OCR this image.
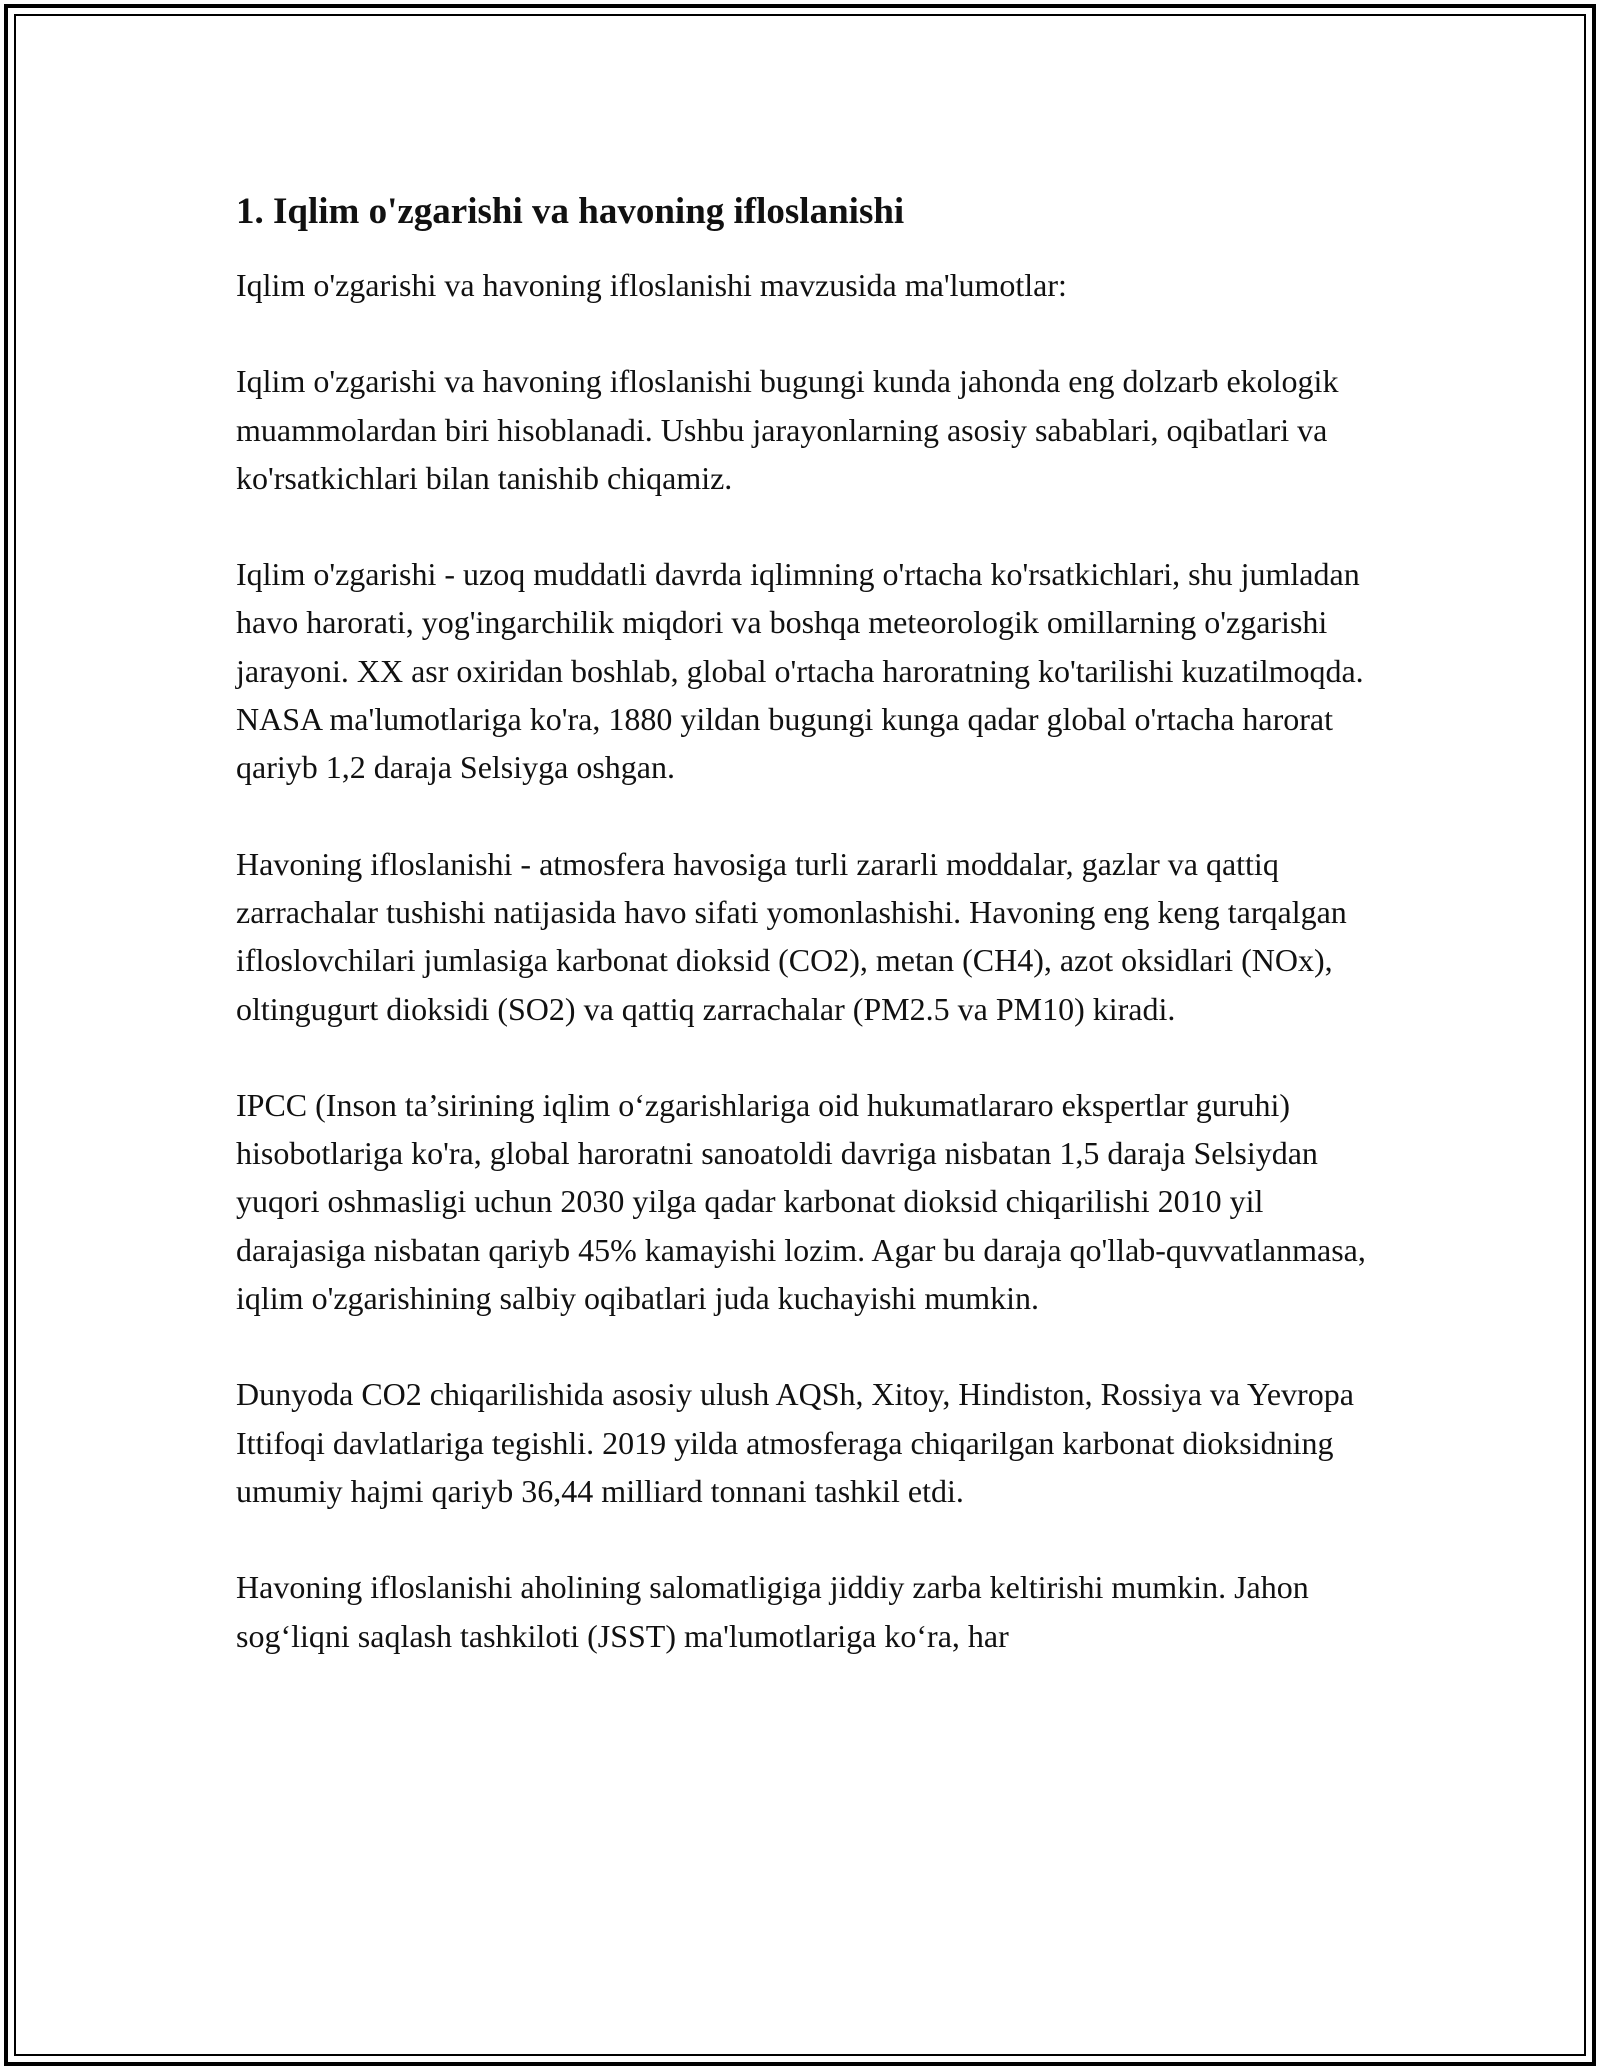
1. Iqlim o'zgarishi va havoning ifloslanishi

Iqlim o'zgarishi va havoning ifloslanishi mavzusida ma'lumotlar:

Iqlim o'zgarishi va havoning ifloslanishi bugungi kunda jahonda eng dolzarb ekologik muammolardan biri hisoblanadi. Ushbu jarayonlarning asosiy sabablari, oqibatlari va ko'rsatkichlari bilan tanishib chiqamiz.

Iqlim o'zgarishi - uzoq muddatli davrda iqlimning o'rtacha ko'rsatkichlari, shu jumladan havo harorati, yog'ingarchilik miqdori va boshqa meteorologik omillarning o'zgarishi jarayoni. XX asr oxiridan boshlab, global o'rtacha haroratning ko'tarilishi kuzatilmoqda. NASA ma'lumotlariga ko'ra, 1880 yildan bugungi kunga qadar global o'rtacha harorat qariyb 1,2 daraja Selsiyga oshgan.

Havoning ifloslanishi - atmosfera havosiga turli zararli moddalar, gazlar va qattiq zarrachalar tushishi natijasida havo sifati yomonlashishi. Havoning eng keng tarqalgan ifloslovchilari jumlasiga karbonat dioksid (CO2), metan (CH4), azot oksidlari (NOx), oltingugurt dioksidi (SO2) va qattiq zarrachalar (PM2.5 va PM10) kiradi.

IPCC (Inson ta’sirining iqlim o‘zgarishlariga oid hukumatlararo ekspertlar guruhi) hisobotlariga ko'ra, global haroratni sanoatoldi davriga nisbatan 1,5 daraja Selsiydan yuqori oshmasligi uchun 2030 yilga qadar karbonat dioksid chiqarilishi 2010 yil darajasiga nisbatan qariyb 45% kamayishi lozim. Agar bu daraja qo'llab-quvvatlanmasa, iqlim o'zgarishining salbiy oqibatlari juda kuchayishi mumkin.

Dunyoda CO2 chiqarilishida asosiy ulush AQSh, Xitoy, Hindiston, Rossiya va Yevropa Ittifoqi davlatlariga tegishli. 2019 yilda atmosferaga chiqarilgan karbonat dioksidning umumiy hajmi qariyb 36,44 milliard tonnani tashkil etdi.

Havoning ifloslanishi aholining salomatligiga jiddiy zarba keltirishi mumkin. Jahon sog‘liqni saqlash tashkiloti (JSST) ma'lumotlariga ko‘ra, har
